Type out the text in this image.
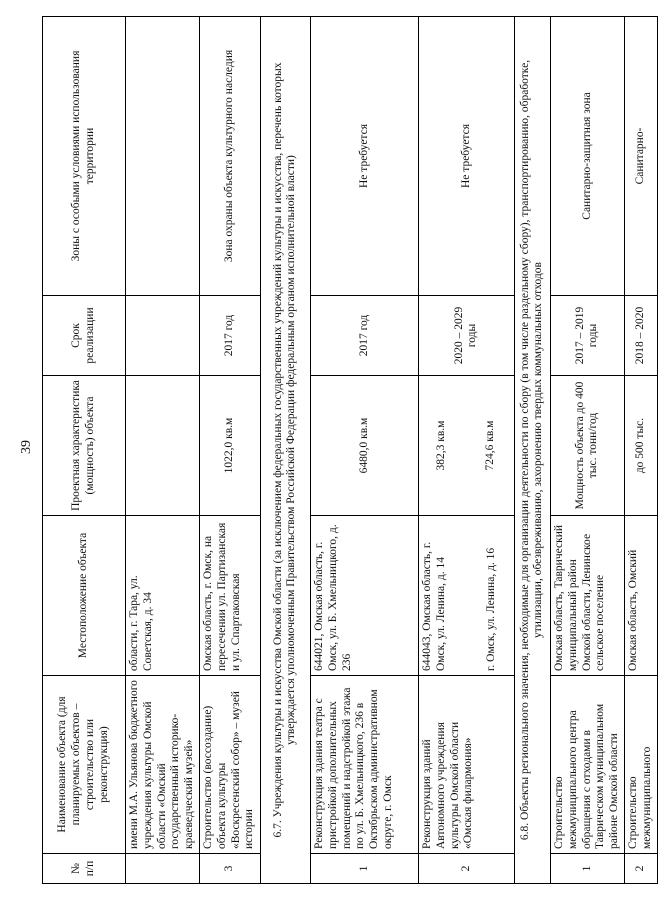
39
№ п/п	Наименование объекта (для планируемых объектов – строительство или реконструкция)	Местоположение объекта	Проектная характеристика (мощность) объекта	Срок реализации	Зоны с особыми условиями использования территории
	имени М.А. Ульянова бюджетного учреждения культуры Омской области «Омский государственный историко-краеведческий музей»	области, г. Тара, ул. Советская, д. 34			
3	Строительство (воссоздание) объекта культуры «Воскресенский собор» – музей истории	Омская область, г. Омск, на пересечении ул. Партизанская и ул. Спартаковская	1022,0 кв.м	2017 год	Зона охраны объекта культурного наследия
6.7. Учреждения культуры и искусства Омской области (за исключением федеральных государственных учреждений культуры и искусства, перечень которых утверждается уполномоченным Правительством Российской Федерации федеральным органом исполнительной власти)					
1	Реконструкция здания театра с пристройкой дополнительных помещений и надстройкой этажа по ул. Б. Хмельницкого, 236 в Октябрьском административном округе, г. Омск	644021, Омская область, г. Омск, ул. Б. Хмельницкого, д. 236	6480,0 кв.м	2017 год	Не требуется
2	Реконструкция зданий Автономного учреждения культуры Омской области «Омская филармония»	644043, Омская область, г. Омск, ул. Ленина, д. 14 г. Омск, ул. Ленина, д. 16	382,3 кв.м 724,6 кв.м	2020 – 2029 годы	Не требуется
6.8. Объекты регионального значения, необходимые для организации деятельности по сбору (в том числе раздельному сбору), транспортированию, обработке, утилизации, обезвреживанию, захоронению твердых коммунальных отходов					
1	Строительство межмуниципального центра обращения с отходами в Таврическом муниципальном районе Омской области	Омская область, Таврический муниципальный район Омской области, Ленинское сельское поселение	Мощность объекта до 400 тыс. тонн/год	2017 – 2019 годы	Санитарно-защитная зона
2	Строительство межмуниципального	Омская область, Омский	до 500 тыс.	2018 – 2020	Санитарно-
